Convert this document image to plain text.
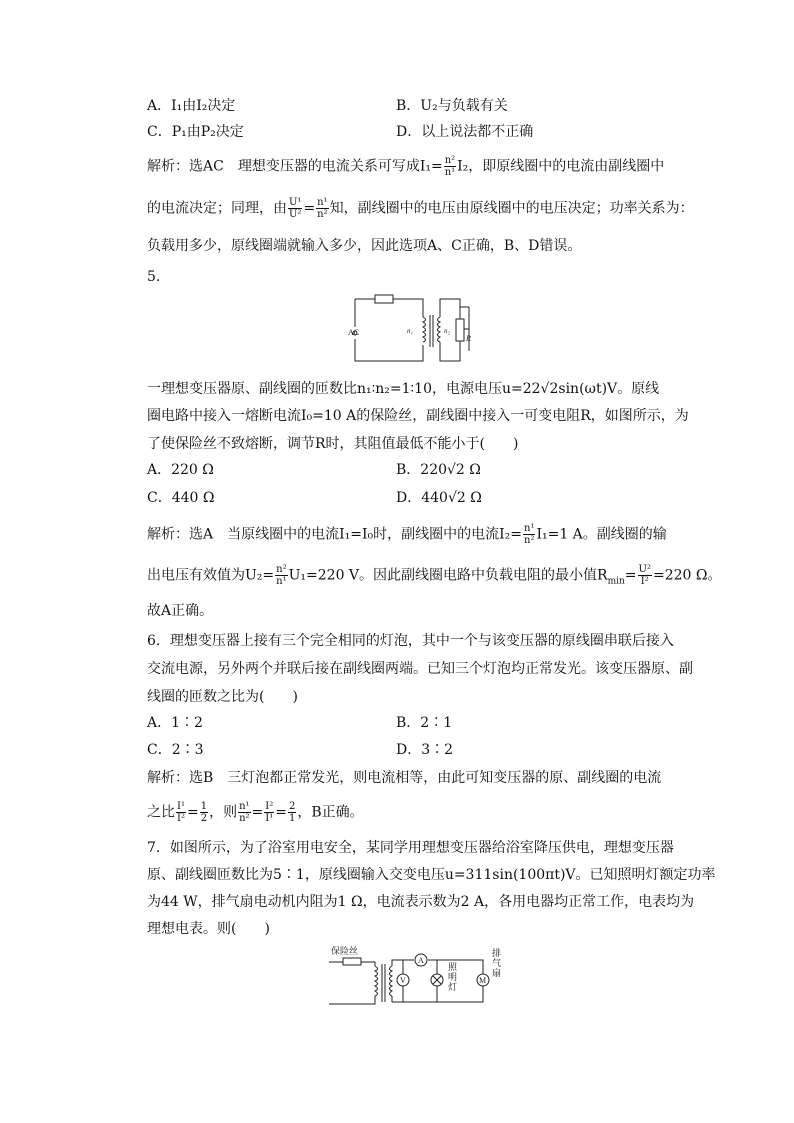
A．I₁由I₂决定	B．U₂与负载有关
C．P₁由P₂决定	D．以上说法都不正确
解析：选AC　理想变压器的电流关系可写成$I_1= \frac{\text{n²}}{\text{n¹}} I_2$，即原线圈中的电流由副线圈中
的电流决定；同理，由 $\frac{\text{U¹}}{\text{U²}} = \frac{\text{n¹}}{\text{n²}}$ 知，副线圈中的电压由原线圈中的电压决定；功率关系为：
负载用多少，原线圈端就输入多少，因此选项A、C正确，B、D错误。
5.
AC	n₁	n₂
R
一理想变压器原、副线圈的匝数比n₁∶n₂=1∶10，电源电压u=22√2sin(ωt)V。原线
圈电路中接入一熔断电流I₀=10 A的保险丝，副线圈中接入一可变电阻R，如图所示，为
了使保险丝不致熔断，调节R时，其阻值最低不能小于(　　)
A．220 Ω	B．220√2 Ω
C．440 Ω	D．440√2 Ω
解析：选A　当原线圈中的电流I₁=I₀时，副线圈中的电流$I_2= \frac{\text{n¹}}{\text{n²}} I_1=1$ A。副线圈的输
出电压有效值为$U_2= \frac{\text{n²}}{\text{n¹}} U_1=220$ V。因此副线圈电路中负载电阻的最小值$R_{min}= \frac{\text{U²}}{\text{I²}} =220$ Ω。
故A正确。
6．理想变压器上接有三个完全相同的灯泡，其中一个与该变压器的原线圈串联后接入
交流电源，另外两个并联后接在副线圈两端。已知三个灯泡均正常发光。该变压器原、副
线圈的匝数之比为(　　)
A．1∶2	B．2∶1
C．2∶3	D．3∶2
解析：选B　三灯泡都正常发光，则电流相等，由此可知变压器的原、副线圈的电流
之比 $\frac{\text{I¹}}{\text{I²}} = \frac{1}{2}$ ，则 $\frac{\text{n¹}}{\text{n²}} = \frac{\text{I²}}{\text{I¹}} = \frac{2}{1}$ ，B正确。
7．如图所示，为了浴室用电安全，某同学用理想变压器给浴室降压供电，理想变压器
原、副线圈匝数比为5∶1，原线圈输入交变电压u=311sin(100πt)V。已知照明灯额定功率
为44 W，排气扇电动机内阻为1 Ω，电流表示数为2 A，各用电器均正常工作，电表均为
理想电表。则(　　)
保险丝
A
V	M
照明灯
排气扇
